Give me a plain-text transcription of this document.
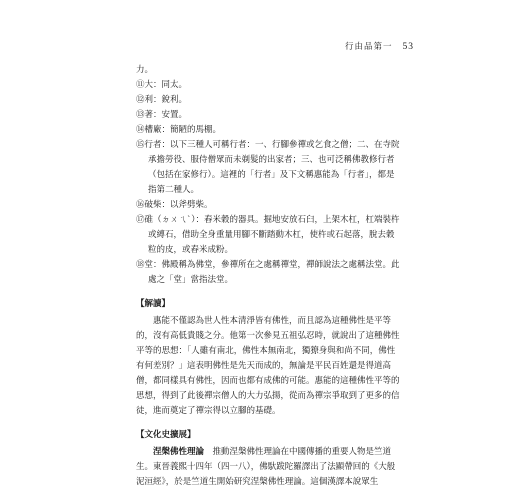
行由品第一 53

力。

⑪大：同太。

⑫利：銳利。

⑬著：安置。

⑭槽廠：簡陋的馬棚。

⑮行者：以下三種人可稱行者：一、行腳參禪或乞食之僧；二、在寺院承擔勞役、服侍僧眾而未剃髮的出家者；三、也可泛稱佛教修行者（包括在家修行）。這裡的「行者」及下文稱惠能為「行者」，都是指第二種人。

⑯破柴：以斧劈柴。

⑰碓（ㄉㄨㄟˋ）：舂米穀的器具。掘地安放石臼，上架木杠，杠端裝杵或縛石，借助全身重量用腳不斷踏動木杠，使杵或石起落，脫去穀粒的皮，或舂米成粉。

⑱堂：佛殿稱為佛堂，參禪所在之處稱禪堂，禪師說法之處稱法堂。此處之「堂」當指法堂。

【解讀】

惠能不僅認為世人性本清淨皆有佛性，而且認為這種佛性是平等的，沒有高低貴賤之分。他第一次參見五祖弘忍時，就說出了這種佛性平等的思想：「人雖有南北，佛性本無南北，獨獠身與和尚不同，佛性有何差別？」這表明佛性是先天而成的，無論是平民百姓還是得道高僧，都同樣具有佛性，因而也都有成佛的可能。惠能的這種佛性平等的思想，得到了此後禪宗僧人的大力弘揚，從而為禪宗爭取到了更多的信徒，進而奠定了禪宗得以立腳的基礎。

【文化史擴展】

涅槃佛性理論　 推動涅槃佛性理論在中國傳播的重要人物是竺道生。東晉義熙十四年（四一八），佛馱跋陀羅譯出了法顯帶回的《大般泥洹經》，於是竺道生開始研究涅槃佛性理論。這個漢譯本說眾生
